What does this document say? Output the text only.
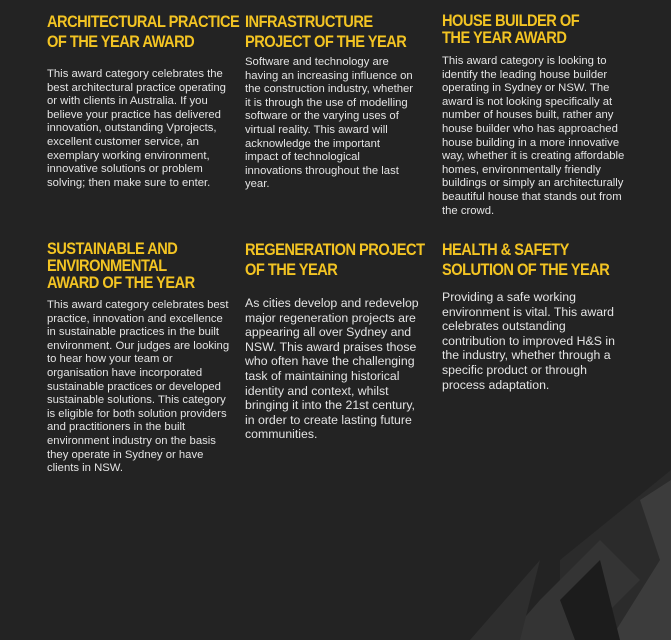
ARCHITECTURAL PRACTICE
OF THE YEAR AWARD

This award category celebrates the best architectural practice operating or with clients in Australia. If you believe your practice has delivered innovation, outstanding Vprojects, excellent customer service, an exemplary working environment, innovative solutions or problem solving; then make sure to enter.

INFRASTRUCTURE
PROJECT OF THE YEAR

Software and technology are having an increasing influence on the construction industry, whether it is through the use of modelling software or the varying uses of virtual reality. This award will acknowledge the important impact of technological innovations throughout the last year.

HOUSE BUILDER OF
THE YEAR AWARD

This award category is looking to identify the leading house builder operating in Sydney or NSW. The award is not looking specifically at number of houses built, rather any house builder who has approached house building in a more innovative way, whether it is creating affordable homes, environmentally friendly buildings or simply an architecturally beautiful house that stands out from the crowd.

SUSTAINABLE AND
ENVIRONMENTAL
AWARD OF THE YEAR

This award category celebrates best practice, innovation and excellence in sustainable practices in the built environment. Our judges are looking to hear how your team or organisation have incorporated sustainable practices or developed sustainable solutions. This category is eligible for both solution providers and practitioners in the built environment industry on the basis they operate in Sydney or have clients in NSW.

REGENERATION PROJECT
OF THE YEAR

As cities develop and redevelop major regeneration projects are appearing all over Sydney and NSW. This award praises those who often have the challenging task of maintaining historical identity and context, whilst bringing it into the 21st century, in order to create lasting future communities.

HEALTH & SAFETY
SOLUTION OF THE YEAR

Providing a safe working environment is vital. This award celebrates outstanding contribution to improved H&S in the industry, whether through a specific product or through process adaptation.
